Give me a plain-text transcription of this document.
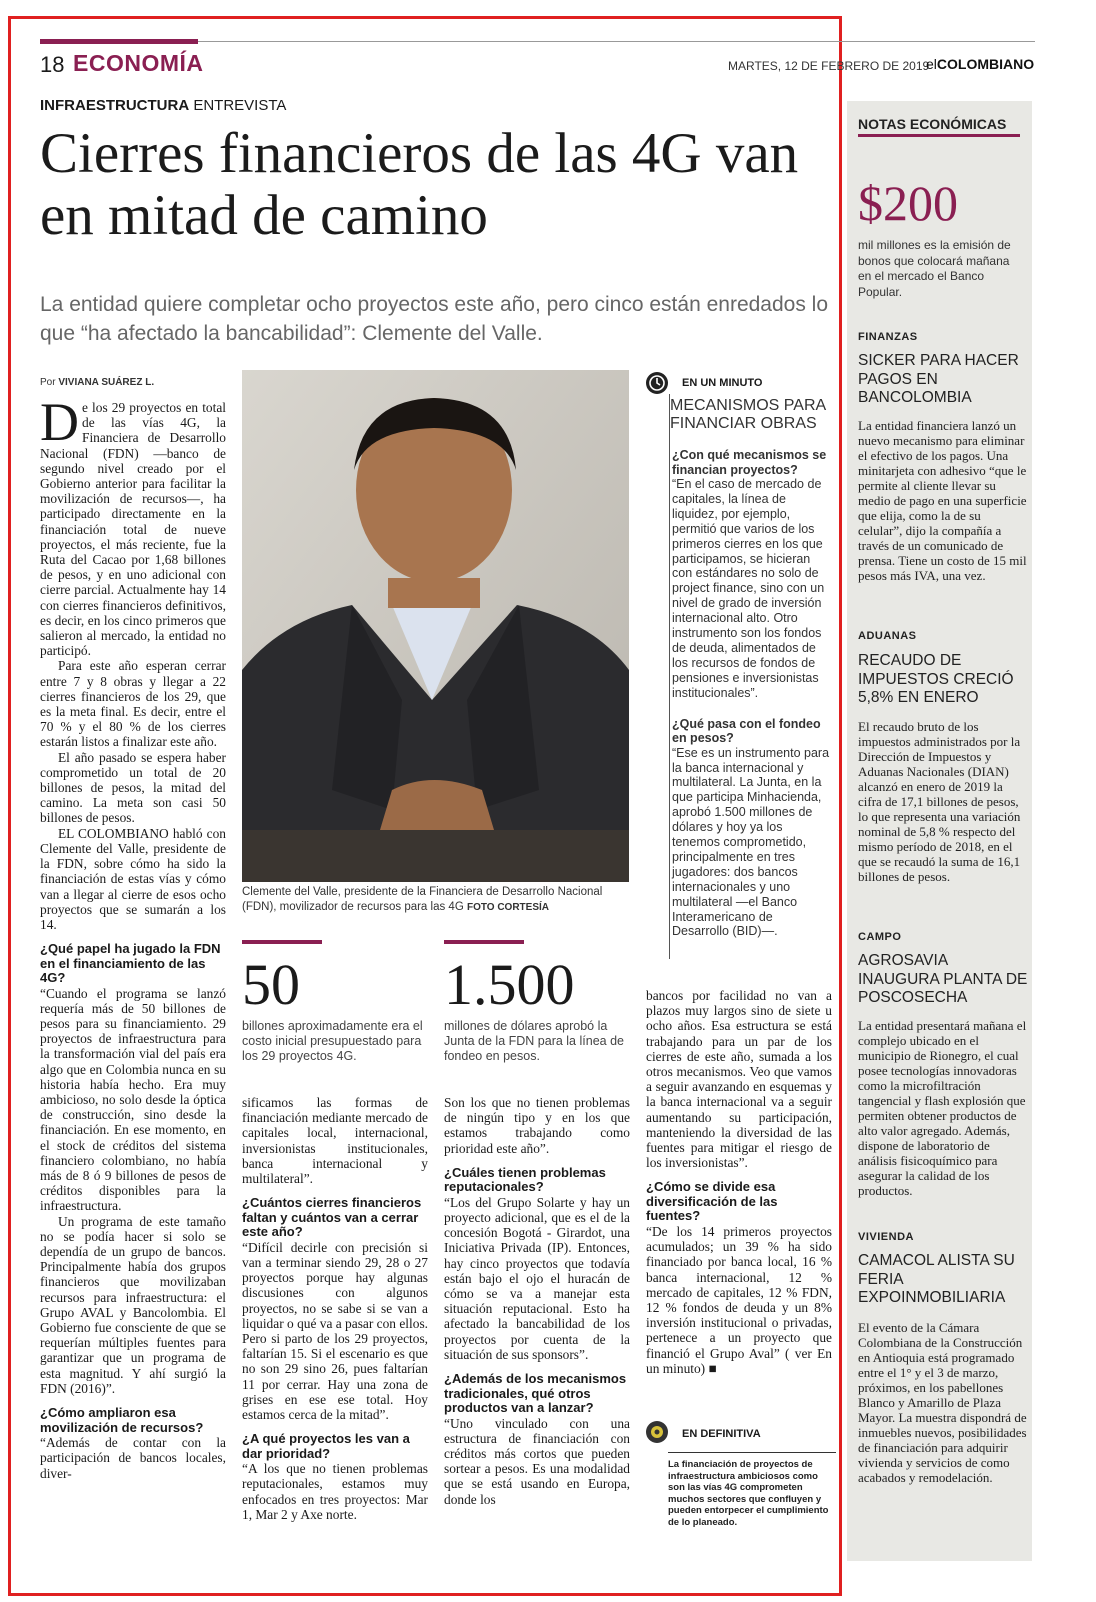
18 ECONOMÍA	MARTES, 12 DE FEBRERO DE 2019
elCOLOMBIANO
INFRAESTRUCTURA ENTREVISTA
Cierres financieros de las 4G van en mitad de camino
La entidad quiere completar ocho proyectos este año, pero cinco están enredados lo que “ha afectado la bancabilidad”: Clemente del Valle.
Por VIVIANA SUÁREZ L.

De los 29 proyectos en total de las vías 4G, la Financiera de Desarrollo Nacional (FDN) —banco de segundo nivel creado por el Gobierno anterior para facilitar la movilización de recursos—, ha participado directamente en la financiación total de nueve proyectos, el más reciente, fue la Ruta del Cacao por 1,68 billones de pesos, y en uno adicional con cierre parcial. Actualmente hay 14 con cierres financieros definitivos, es decir, en los cinco primeros que salieron al mercado, la entidad no participó.

Para este año esperan cerrar entre 7 y 8 obras y llegar a 22 cierres financieros de los 29, que es la meta final. Es decir, entre el 70 % y el 80 % de los cierres estarán listos a finalizar este año.

El año pasado se espera haber comprometido un total de 20 billones de pesos, la mitad del camino. La meta son casi 50 billones de pesos.

EL COLOMBIANO habló con Clemente del Valle, presidente de la FDN, sobre cómo ha sido la financiación de estas vías y cómo van a llegar al cierre de esos ocho proyectos que se sumarán a los 14.

¿Qué papel ha jugado la FDN en el financiamiento de las 4G?

“Cuando el programa se lanzó requería más de 50 billones de pesos para su financiamiento. 29 proyectos de infraestructura para la transformación vial del país era algo que en Colombia nunca en su historia había hecho. Era muy ambicioso, no solo desde la óptica de construcción, sino desde la financiación. En ese momento, en el stock de créditos del sistema financiero colombiano, no había más de 8 ó 9 billones de pesos de créditos disponibles para la infraestructura.

Un programa de este tamaño no se podía hacer si solo se dependía de un grupo de bancos. Principalmente había dos grupos financieros que movilizaban recursos para infraestructura: el Grupo AVAL y Bancolombia. El Gobierno fue consciente de que se requerían múltiples fuentes para garantizar que un programa de esta magnitud. Y ahí surgió la FDN (2016)”.

¿Cómo ampliaron esa movilización de recursos?

“Además de contar con la participación de bancos locales, diver-

Clemente del Valle, presidente de la Financiera de Desarrollo Nacional (FDN), movilizador de recursos para las 4G FOTO CORTESÍA
50
billones aproximadamente era el costo inicial presupuestado para los 29 proyectos 4G.
1.500
millones de dólares aprobó la Junta de la FDN para la línea de fondeo en pesos.

sificamos las formas de financiación mediante mercado de capitales local, internacional, inversionistas institucionales, banca internacional y multilateral”.

¿Cuántos cierres financieros faltan y cuántos van a cerrar este año?

“Difícil decirle con precisión si van a terminar siendo 29, 28 o 27 proyectos porque hay algunas discusiones con algunos proyectos, no se sabe si se van a liquidar o qué va a pasar con ellos. Pero si parto de los 29 proyectos, faltarían 15. Si el escenario es que no son 29 sino 26, pues faltarían 11 por cerrar. Hay una zona de grises en ese ese total. Hoy estamos cerca de la mitad”.

¿A qué proyectos les van a dar prioridad?

“A los que no tienen problemas reputacionales, estamos muy enfocados en tres proyectos: Mar 1, Mar 2 y Axe norte.

Son los que no tienen problemas de ningún tipo y en los que estamos trabajando como prioridad este año”.

¿Cuáles tienen problemas reputacionales?

“Los del Grupo Solarte y hay un proyecto adicional, que es el de la concesión Bogotá - Girardot, una Iniciativa Privada (IP). Entonces, hay cinco proyectos que todavía están bajo el ojo el huracán de cómo se va a manejar esta situación reputacional. Esto ha afectado la bancabilidad de los proyectos por cuenta de la situación de sus sponsors”.

¿Además de los mecanismos tradicionales, qué otros productos van a lanzar?

“Uno vinculado con una estructura de financiación con créditos más cortos que pueden sortear a pesos. Es una modalidad que se está usando en Europa, donde los

EN UN MINUTO
MECANISMOS PARA FINANCIAR OBRAS
¿Con qué mecanismos se financian proyectos?
“En el caso de mercado de capitales, la línea de liquidez, por ejemplo, permitió que varios de los primeros cierres en los que participamos, se hicieran con estándares no solo de project finance, sino con un nivel de grado de inversión internacional alto. Otro instrumento son los fondos de deuda, alimentados de los recursos de fondos de pensiones e inversionistas institucionales”.
¿Qué pasa con el fondeo en pesos?
“Ese es un instrumento para la banca internacional y multilateral. La Junta, en la que participa Minhacienda, aprobó 1.500 millones de dólares y hoy ya los tenemos comprometido, principalmente en tres jugadores: dos bancos internacionales y uno multilateral —el Banco Interamericano de Desarrollo (BID)—.

bancos por facilidad no van a plazos muy largos sino de siete u ocho años. Esa estructura se está trabajando para un par de los cierres de este año, sumada a los otros mecanismos. Veo que vamos a seguir avanzando en esquemas y la banca internacional va a seguir aumentando su participación, manteniendo la diversidad de las fuentes para mitigar el riesgo de los inversionistas”.

¿Cómo se divide esa diversificación de las fuentes?

“De los 14 primeros proyectos acumulados; un 39 % ha sido financiado por banca local, 16 % banca internacional, 12 % mercado de capitales, 12 % FDN, 12 % fondos de deuda y un 8% inversión institucional o privadas, pertenece a un proyecto que financió el Grupo Aval” ( ver En un minuto) ■

EN DEFINITIVA
La financiación de proyectos de infraestructura ambiciosos como son las vías 4G comprometen muchos sectores que confluyen y pueden entorpecer el cumplimiento de lo planeado.
NOTAS ECONÓMICAS
$200
mil millones es la emisión de bonos que colocará mañana en el mercado el Banco Popular.
FINANZAS
SICKER PARA HACER PAGOS EN BANCOLOMBIA
La entidad financiera lanzó un nuevo mecanismo para eliminar el efectivo de los pagos. Una minitarjeta con adhesivo “que le permite al cliente llevar su medio de pago en una superficie que elija, como la de su celular”, dijo la compañía a través de un comunicado de prensa. Tiene un costo de 15 mil pesos más IVA, una vez.
ADUANAS
RECAUDO DE IMPUESTOS CRECIÓ 5,8% EN ENERO
El recaudo bruto de los impuestos administrados por la Dirección de Impuestos y Aduanas Nacionales (DIAN) alcanzó en enero de 2019 la cifra de 17,1 billones de pesos, lo que representa una variación nominal de 5,8 % respecto del mismo período de 2018, en el que se recaudó la suma de 16,1 billones de pesos.
CAMPO
AGROSAVIA INAUGURA PLANTA DE POSCOSECHA
La entidad presentará mañana el complejo ubicado en el municipio de Rionegro, el cual posee tecnologías innovadoras como la microfiltración tangencial y flash explosión que permiten obtener productos de alto valor agregado. Además, dispone de laboratorio de análisis fisicoquímico para asegurar la calidad de los productos.
VIVIENDA
CAMACOL ALISTA SU FERIA EXPOINMOBILIARIA
El evento de la Cámara Colombiana de la Construcción en Antioquia está programado entre el 1° y el 3 de marzo, próximos, en los pabellones Blanco y Amarillo de Plaza Mayor. La muestra dispondrá de inmuebles nuevos, posibilidades de financiación para adquirir vivienda y servicios de como acabados y remodelación.
